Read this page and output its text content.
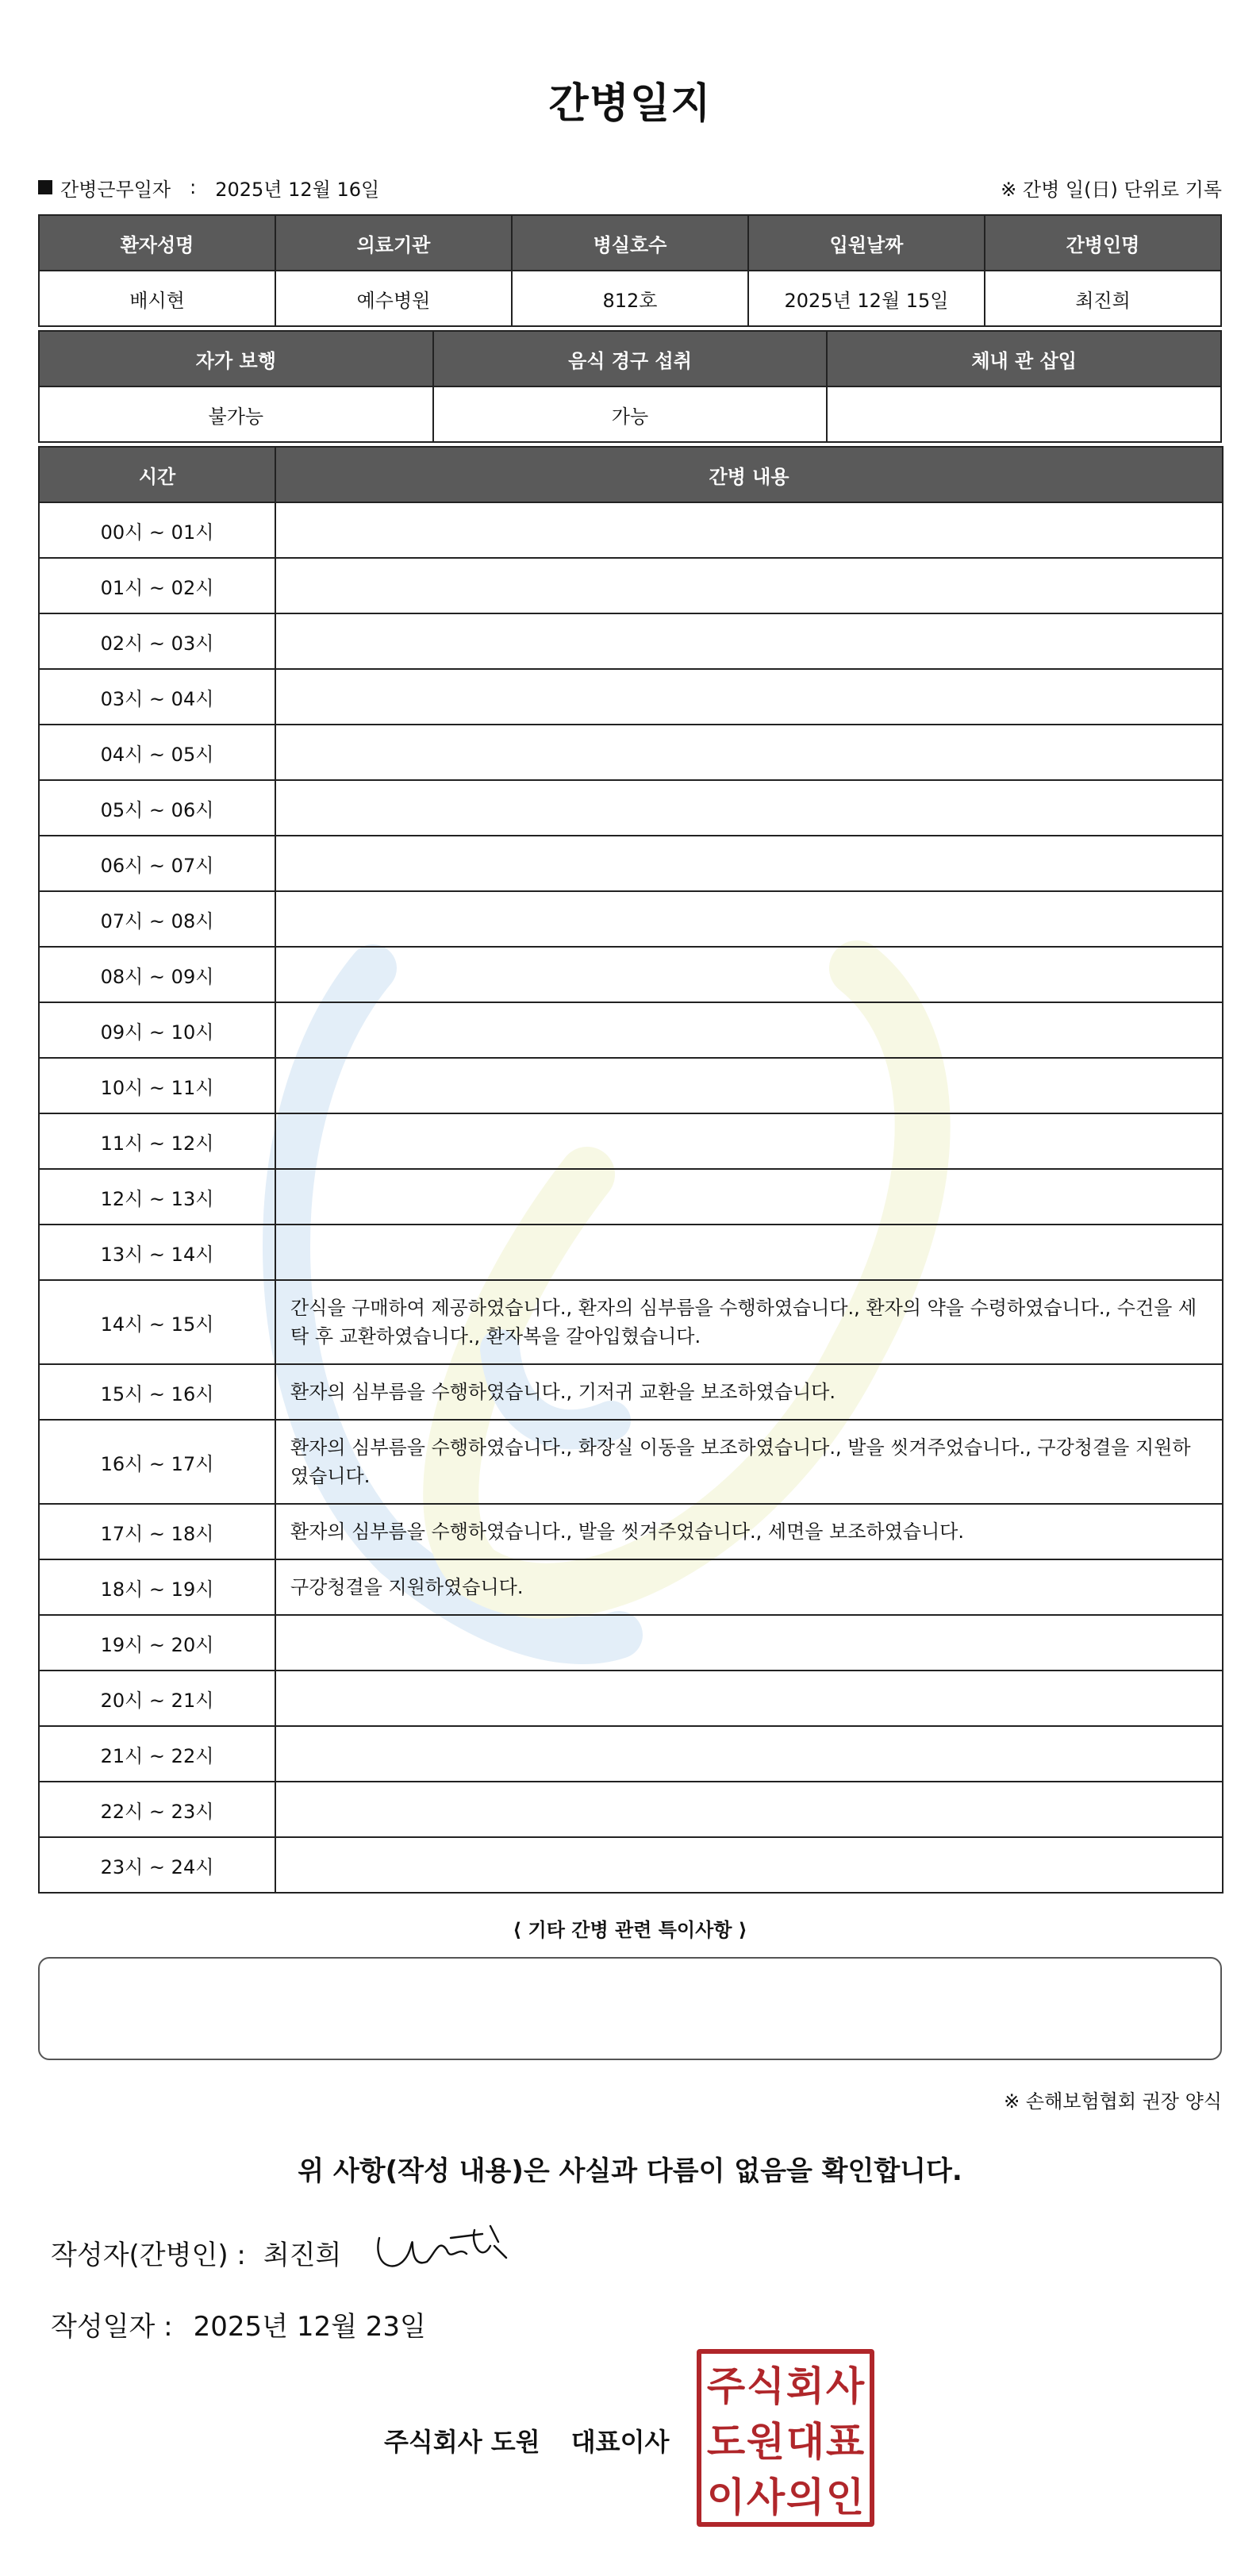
간병일지
간병근무일자 : 2025년 12월 16일	※ 간병 일(日) 단위로 기록
환자성명	의료기관	병실호수	입원날짜	간병인명
배시현	예수병원	812호	2025년 12월 15일	최진희
자가 보행	음식 경구 섭취	체내 관 삽입
불가능	가능	
시간	간병 내용
00시 ~ 01시	
01시 ~ 02시	
02시 ~ 03시	
03시 ~ 04시	
04시 ~ 05시	
05시 ~ 06시	
06시 ~ 07시	
07시 ~ 08시	
08시 ~ 09시	
09시 ~ 10시	
10시 ~ 11시	
11시 ~ 12시	
12시 ~ 13시	
13시 ~ 14시	
14시 ~ 15시	간식을 구매하여 제공하였습니다., 환자의 심부름을 수행하였습니다., 환자의 약을 수령하였습니다., 수건을 세탁 후 교환하였습니다., 환자복을 갈아입혔습니다.
15시 ~ 16시	환자의 심부름을 수행하였습니다., 기저귀 교환을 보조하였습니다.
16시 ~ 17시	환자의 심부름을 수행하였습니다., 화장실 이동을 보조하였습니다., 발을 씻겨주었습니다., 구강청결을 지원하였습니다.
17시 ~ 18시	환자의 심부름을 수행하였습니다., 발을 씻겨주었습니다., 세면을 보조하였습니다.
18시 ~ 19시	구강청결을 지원하였습니다.
19시 ~ 20시	
20시 ~ 21시	
21시 ~ 22시	
22시 ~ 23시	
23시 ~ 24시	
⟨ 기타 간병 관련 특이사항 ⟩
※ 손해보험협회 권장 양식
위 사항(작성 내용)은 사실과 다름이 없음을 확인합니다.
작성자(간병인) : 최진희
작성일자 : 2025년 12월 23일
주식회사 도원 대표이사
주 식 회 사
도 원 대 표
이 사 의 인
